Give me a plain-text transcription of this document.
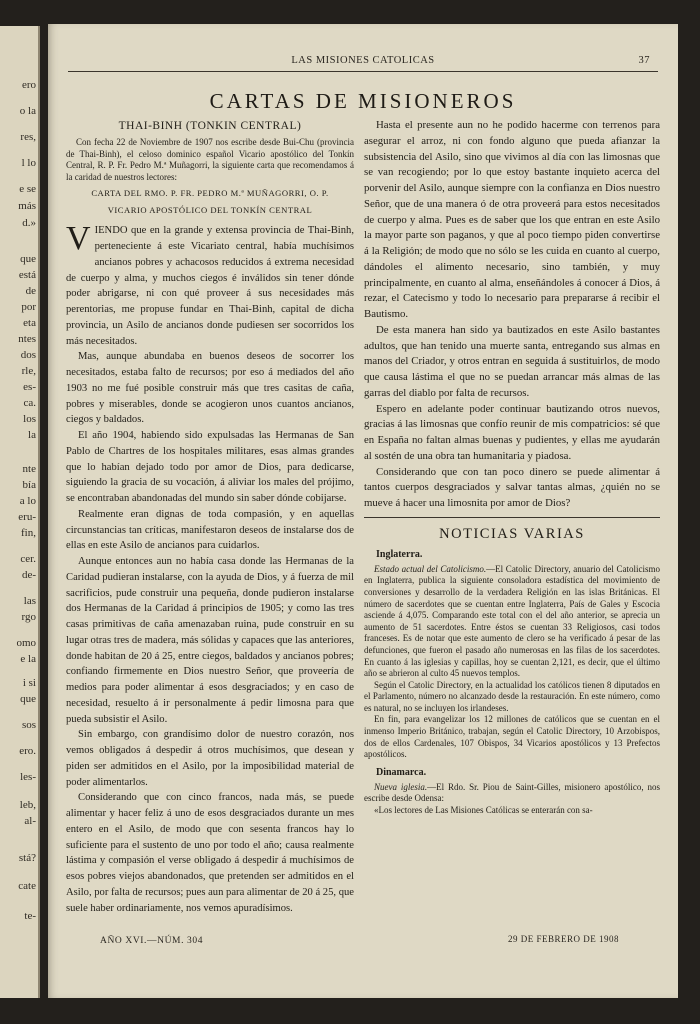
ero
o la
res,
l lo
e se
más
d.»
que
está
de
por
eta
ntes
dos
rle,
es-
ca.
los
la
nte
bía
a lo
eru-
fin,
cer.
de-
las
rgo
omo
e la
i si
que
sos
ero.
les-
leb,
al-
stá?
cate
te-
LAS MISIONES CATOLICAS	37
CARTAS DE MISIONEROS
THAI-BINH (TONKIN CENTRAL)

Con fecha 22 de Noviembre de 1907 nos escribe desde Bui-Chu (provincia de Thai-Binh), el celoso dominico español Vicario apostólico del Tonkín Central, R. P. Fr. Pedro M.ª Muñagorri, la siguiente carta que recomendamos á la caridad de nuestros lectores:

CARTA DEL RMO. P. FR. PEDRO M.ª MUÑAGORRI, O. P.

VICARIO APOSTÓLICO DEL TONKÍN CENTRAL

VIENDO que en la grande y extensa provincia de Thai-Binh, perteneciente á este Vicariato central, había muchísimos ancianos pobres y achacosos reducidos á extrema necesidad de cuerpo y alma, y muchos ciegos é inválidos sin tener dónde poder abrigarse, ni con qué proveer á sus necesidades más perentorias, me propuse fundar en Thai-Binh, capital de dicha provincia, un Asilo de ancianos donde pudiesen ser socorridos los más necesitados.

Mas, aunque abundaba en buenos deseos de socorrer los necesitados, estaba falto de recursos; por eso á mediados del año 1903 no me fué posible construir más que tres casitas de caña, pobres y miserables, donde se acogieron unos cuantos ancianos, ciegos y baldados.

El año 1904, habiendo sido expulsadas las Hermanas de San Pablo de Chartres de los hospitales militares, esas almas grandes que lo habían dejado todo por amor de Dios, para dedicarse, siguiendo la gracia de su vocación, á aliviar los males del prójimo, se encontraban abandonadas del mundo sin saber dónde cobijarse.

Realmente eran dignas de toda compasión, y en aquellas circunstancias tan críticas, manifestaron deseos de instalarse dos de ellas en este Asilo de ancianos para cuidarlos.

Aunque entonces aun no había casa donde las Hermanas de la Caridad pudieran instalarse, con la ayuda de Dios, y á fuerza de mil sacrificios, pude construir una pequeña, donde pudieron instalarse dos Hermanas de la Caridad á principios de 1905; y como las tres casas primitivas de caña amenazaban ruina, pude construir en su lugar otras tres de madera, más sólidas y capaces que las anteriores, donde habitan de 20 á 25, entre ciegos, baldados y ancianos pobres; confiando firmemente en Dios nuestro Señor, que proveería de medios para poder alimentar á esos desgraciados; y en caso de necesidad, resuelto á ir personalmente á pedir limosna para que pueda subsistir el Asilo.

Sin embargo, con grandísimo dolor de nuestro corazón, nos vemos obligados á despedir á otros muchísimos, que desean y piden ser admitidos en el Asilo, por la imposibilidad material de poder alimentarlos.

Considerando que con cinco francos, nada más, se puede alimentar y hacer feliz á uno de esos desgraciados durante un mes entero en el Asilo, de modo que con sesenta francos hay lo suficiente para el sustento de uno por todo el año; causa realmente lástima y compasión el verse obligado á despedir á muchísimos de esos pobres viejos abandonados, que pretenden ser admitidos en el Asilo, por falta de recursos; pues aun para alimentar de 20 á 25, que suele haber ordinariamente, nos vemos apuradísimos.

Hasta el presente aun no he podido hacerme con terrenos para asegurar el arroz, ni con fondo alguno que pueda afianzar la subsistencia del Asilo, sino que vivimos al día con las limosnas que se van recogiendo; por lo que estoy bastante inquieto acerca del porvenir del Asilo, aunque siempre con la confianza en Dios nuestro Señor, que de una manera ó de otra proveerá para estos necesitados de cuerpo y alma. Pues es de saber que los que entran en este Asilo la mayor parte son paganos, y que al poco tiempo piden convertirse á la Religión; de modo que no sólo se les cuida en cuanto al cuerpo, dándoles el alimento necesario, sino también, y muy principalmente, en cuanto al alma, enseñándoles á conocer á Dios, á rezar, el Catecismo y todo lo necesario para prepararse á recibir el Bautismo.

De esta manera han sido ya bautizados en este Asilo bastantes adultos, que han tenido una muerte santa, entregando sus almas en manos del Criador, y otros entran en seguida á sustituirlos, de modo que causa lástima el que no se puedan arrancar más almas de las garras del diablo por falta de recursos.

Espero en adelante poder continuar bautizando otros nuevos, gracias á las limosnas que confío reunir de mis compatricios: sé que en España no faltan almas buenas y pudientes, y ellas me ayudarán al sostén de una obra tan humanitaria y piadosa.

Considerando que con tan poco dinero se puede alimentar á tantos cuerpos desgraciados y salvar tantas almas, ¿quién no se mueve á hacer una limosnita por amor de Dios?

NOTICIAS VARIAS
Inglaterra.

Estado actual del Catolicismo.—El Catolic Directory, anuario del Catolicismo en Inglaterra, publica la siguiente consoladora estadística del movimiento de conversiones y desarrollo de la verdadera Religión en las islas Británicas. El número de sacerdotes que se cuentan entre Inglaterra, País de Gales y Escocia asciende á 4,075. Comparando este total con el del año anterior, se aprecia un aumento de 51 sacerdotes. Entre éstos se cuentan 33 Religiosos, casi todos franceses. Es de notar que este aumento de clero se ha verificado á pesar de las defunciones, que fueron el pasado año numerosas en las filas de los sacerdotes. En cuanto á las iglesias y capillas, hoy se cuentan 2,121, es decir, que el último año se abrieron al culto 45 nuevos templos.

Según el Catolic Directory, en la actualidad los católicos tienen 8 diputados en el Parlamento, número no alcanzado desde la restauración. En este número, como es natural, no se incluyen los irlandeses.

En fin, para evangelizar los 12 millones de católicos que se cuentan en el inmenso Imperio Británico, trabajan, según el Catolic Directory, 10 Arzobispos, dos de ellos Cardenales, 107 Obispos, 34 Vicarios apostólicos y 13 Prefectos apostólicos.

Dinamarca.

Nueva iglesia.—El Rdo. Sr. Piou de Saint-Gilles, misionero apostólico, nos escribe desde Odensa:

«Los lectores de Las Misiones Católicas se enterarán con sa-

AÑO XVI.—NÚM. 304	29 DE FEBRERO DE 1908
